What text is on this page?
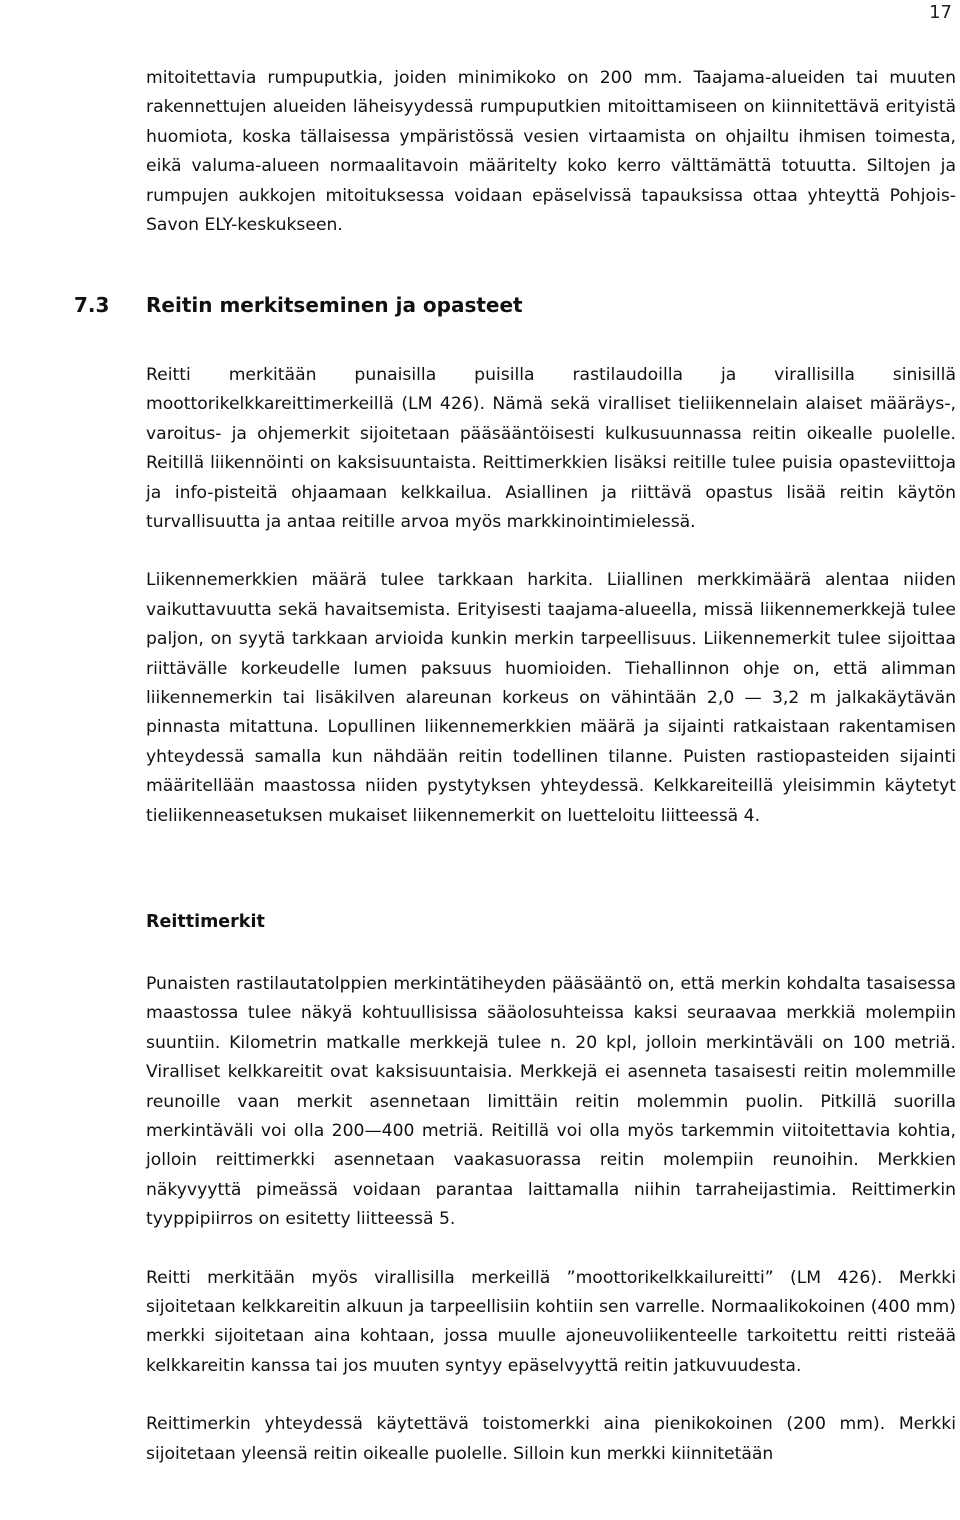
17

mitoitettavia rumpuputkia, joiden minimikoko on 200 mm. Taajama-alueiden tai muuten rakennettujen alueiden läheisyydessä rumpuputkien mitoittamiseen on kiinnitettävä erityistä huomiota, koska tällaisessa ympäristössä vesien virtaamista on ohjailtu ihmisen toimesta, eikä valuma-alueen normaalitavoin määritelty koko kerro välttämättä totuutta. Siltojen ja rumpujen aukkojen mitoituksessa voidaan epäselvissä tapauksissa ottaa yhteyttä Pohjois-Savon ELY-keskukseen.

7.3 Reitin merkitseminen ja opasteet

Reitti merkitään punaisilla puisilla rastilaudoilla ja virallisilla sinisillä moottorikelkkareittimerkeillä (LM 426). Nämä sekä viralliset tieliikennelain alaiset määräys-, varoitus- ja ohjemerkit sijoitetaan pääsääntöisesti kulkusuunnassa reitin oikealle puolelle. Reitillä liikennöinti on kaksisuuntaista. Reittimerkkien lisäksi reitille tulee puisia opasteviittoja ja info-pisteitä ohjaamaan kelkkailua. Asiallinen ja riittävä opastus lisää reitin käytön turvallisuutta ja antaa reitille arvoa myös markkinointimielessä.

Liikennemerkkien määrä tulee tarkkaan harkita. Liiallinen merkkimäärä alentaa niiden vaikuttavuutta sekä havaitsemista. Erityisesti taajama-alueella, missä liikennemerkkejä tulee paljon, on syytä tarkkaan arvioida kunkin merkin tarpeellisuus. Liikennemerkit tulee sijoittaa riittävälle korkeudelle lumen paksuus huomioiden. Tiehallinnon ohje on, että alimman liikennemerkin tai lisäkilven alareunan korkeus on vähintään 2,0 — 3,2 m jalkakäytävän pinnasta mitattuna. Lopullinen liikennemerkkien määrä ja sijainti ratkaistaan rakentamisen yhteydessä samalla kun nähdään reitin todellinen tilanne. Puisten rastiopasteiden sijainti määritellään maastossa niiden pystytyksen yhteydessä. Kelkkareiteillä yleisimmin käytetyt tieliikenneasetuksen mukaiset liikennemerkit on luetteloitu liitteessä 4.

Reittimerkit

Punaisten rastilautatolppien merkintätiheyden pääsääntö on, että merkin kohdalta tasaisessa maastossa tulee näkyä kohtuullisissa sääolosuhteissa kaksi seuraavaa merkkiä molempiin suuntiin. Kilometrin matkalle merkkejä tulee n. 20 kpl, jolloin merkintäväli on 100 metriä. Viralliset kelkkareitit ovat kaksisuuntaisia. Merkkejä ei asenneta tasaisesti reitin molemmille reunoille vaan merkit asennetaan limittäin reitin molemmin puolin. Pitkillä suorilla merkintäväli voi olla 200—400 metriä. Reitillä voi olla myös tarkemmin viitoitettavia kohtia, jolloin reittimerkki asennetaan vaakasuorassa reitin molempiin reunoihin. Merkkien näkyvyyttä pimeässä voidaan parantaa laittamalla niihin tarraheijastimia. Reittimerkin tyyppipiirros on esitetty liitteessä 5.

Reitti merkitään myös virallisilla merkeillä ”moottorikelkkailureitti” (LM 426). Merkki sijoitetaan kelkkareitin alkuun ja tarpeellisiin kohtiin sen varrelle. Normaalikokoinen (400 mm) merkki sijoitetaan aina kohtaan, jossa muulle ajoneuvoliikenteelle tarkoitettu reitti risteää kelkkareitin kanssa tai jos muuten syntyy epäselvyyttä reitin jatkuvuudesta.

Reittimerkin yhteydessä käytettävä toistomerkki aina pienikokoinen (200 mm). Merkki sijoitetaan yleensä reitin oikealle puolelle. Silloin kun merkki kiinnitetään
